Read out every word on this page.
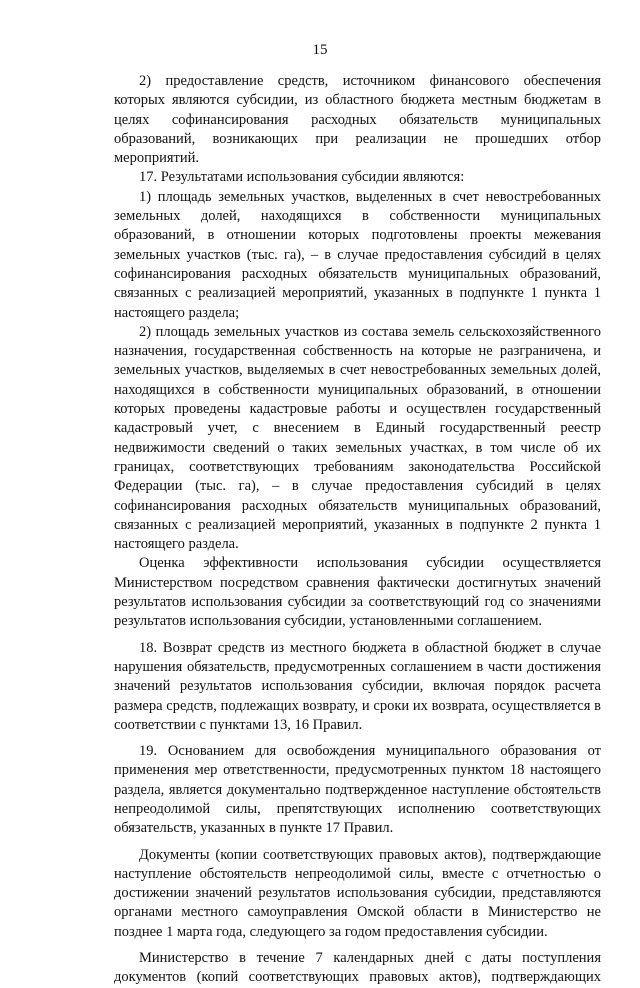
15

2) предоставление средств, источником финансового обеспечения которых являются субсидии, из областного бюджета местным бюджетам в целях софинансирования расходных обязательств муниципальных образований, возникающих при реализации не прошедших отбор мероприятий.

17. Результатами использования субсидии являются:

1) площадь земельных участков, выделенных в счет невостребованных земельных долей, находящихся в собственности муниципальных образований, в отношении которых подготовлены проекты межевания земельных участков (тыс. га), – в случае предоставления субсидий в целях софинансирования расходных обязательств муниципальных образований, связанных с реализацией мероприятий, указанных в подпункте 1 пункта 1 настоящего раздела;

2) площадь земельных участков из состава земель сельскохозяйственного назначения, государственная собственность на которые не разграничена, и земельных участков, выделяемых в счет невостребованных земельных долей, находящихся в собственности муниципальных образований, в отношении которых проведены кадастровые работы и осуществлен государственный кадастровый учет, с внесением в Единый государственный реестр недвижимости сведений о таких земельных участках, в том числе об их границах, соответствующих требованиям законодательства Российской Федерации (тыс. га), – в случае предоставления субсидий в целях софинансирования расходных обязательств муниципальных образований, связанных с реализацией мероприятий, указанных в подпункте 2 пункта 1 настоящего раздела.

Оценка эффективности использования субсидии осуществляется Министерством посредством сравнения фактически достигнутых значений результатов использования субсидии за соответствующий год со значениями результатов использования субсидии, установленными соглашением.

18. Возврат средств из местного бюджета в областной бюджет в случае нарушения обязательств, предусмотренных соглашением в части достижения значений результатов использования субсидии, включая порядок расчета размера средств, подлежащих возврату, и сроки их возврата, осуществляется в соответствии с пунктами 13, 16 Правил.

19. Основанием для освобождения муниципального образования от применения мер ответственности, предусмотренных пунктом 18 настоящего раздела, является документально подтвержденное наступление обстоятельств непреодолимой силы, препятствующих исполнению соответствующих обязательств, указанных в пункте 17 Правил.

Документы (копии соответствующих правовых актов), подтверждающие наступление обстоятельств непреодолимой силы, вместе с отчетностью о достижении значений результатов использования субсидии, представляются органами местного самоуправления Омской области в Министерство не позднее 1 марта года, следующего за годом предоставления субсидии.

Министерство в течение 7 календарных дней с даты поступления документов (копий соответствующих правовых актов), подтверждающих
